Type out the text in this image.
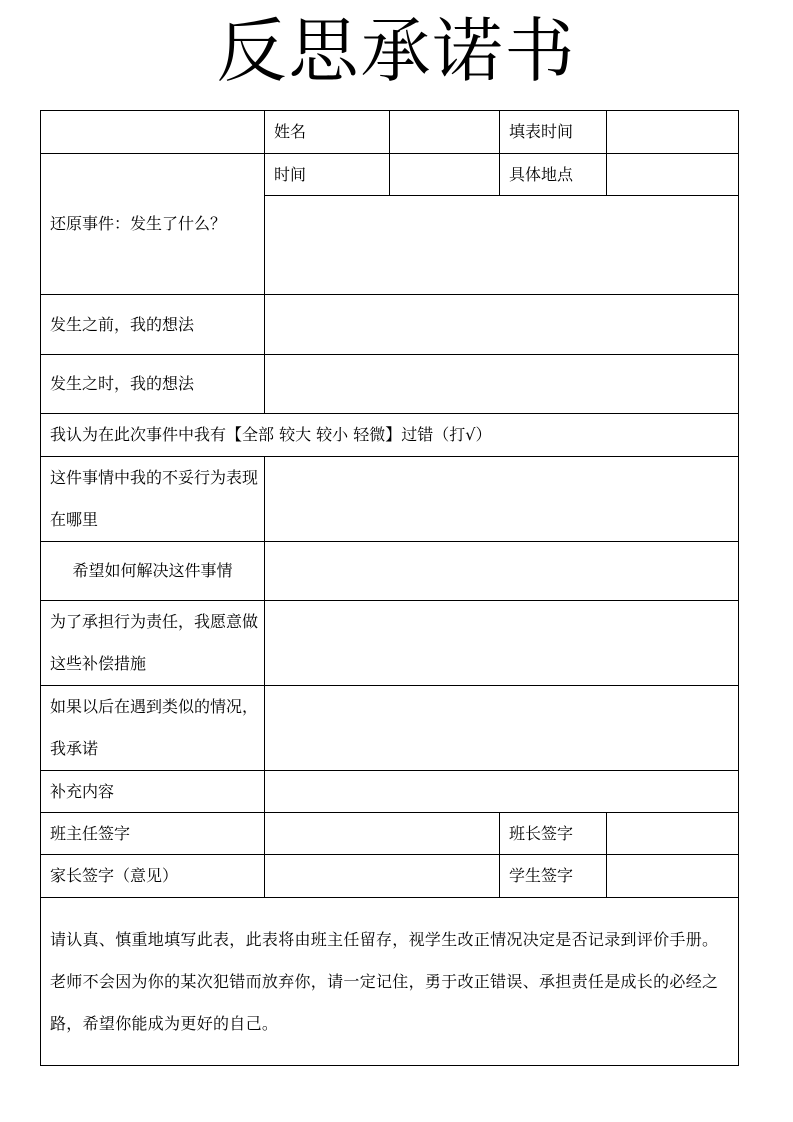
反思承诺书
	姓名		填表时间	
还原事件：发生了什么？	时间		具体地点	

发生之前，我的想法				
发生之时，我的想法				
我认为在此次事件中我有【全部 较大 较小 轻微】过错（打√）				
这件事情中我的不妥行为表现在哪里				
希望如何解决这件事情				
为了承担行为责任，我愿意做这些补偿措施				
如果以后在遇到类似的情况，我承诺				
补充内容				
班主任签字			班长签字	
家长签字（意见）			学生签字	

请认真、慎重地填写此表，此表将由班主任留存，视学生改正情况决定是否记录到评价手册。

老师不会因为你的某次犯错而放弃你，请一定记住，勇于改正错误、承担责任是成长的必经之路，希望你能成为更好的自己。				
